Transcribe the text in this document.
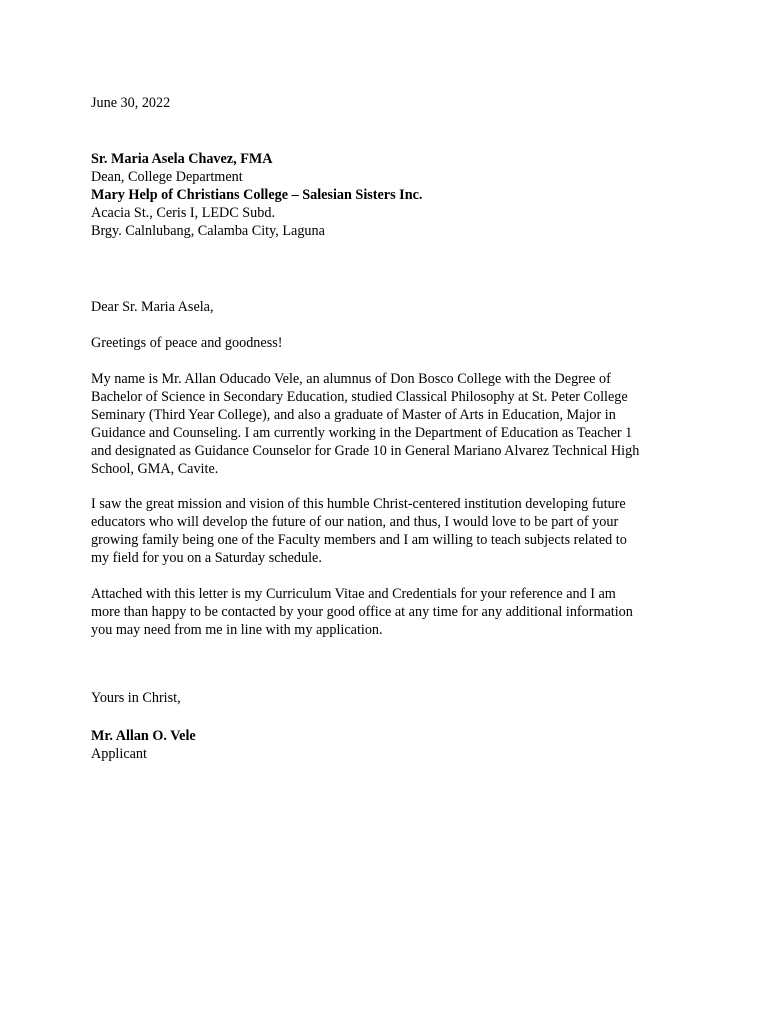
June 30, 2022
Sr. Maria Asela Chavez, FMA
Dean, College Department
Mary Help of Christians College – Salesian Sisters Inc.
Acacia St., Ceris I, LEDC Subd.
Brgy. Calnlubang, Calamba City, Laguna
Dear Sr. Maria Asela,
Greetings of peace and goodness!
My name is Mr. Allan Oducado Vele, an alumnus of Don Bosco College with the Degree of
Bachelor of Science in Secondary Education, studied Classical Philosophy at St. Peter College
Seminary (Third Year College), and also a graduate of Master of Arts in Education, Major in
Guidance and Counseling. I am currently working in the Department of Education as Teacher 1
and designated as Guidance Counselor for Grade 10 in General Mariano Alvarez Technical High
School, GMA, Cavite.
I saw the great mission and vision of this humble Christ-centered institution developing future
educators who will develop the future of our nation, and thus, I would love to be part of your
growing family being one of the Faculty members and I am willing to teach subjects related to
my field for you on a Saturday schedule.
Attached with this letter is my Curriculum Vitae and Credentials for your reference and I am
more than happy to be contacted by your good office at any time for any additional information
you may need from me in line with my application.
Yours in Christ,
Mr. Allan O. Vele
Applicant
